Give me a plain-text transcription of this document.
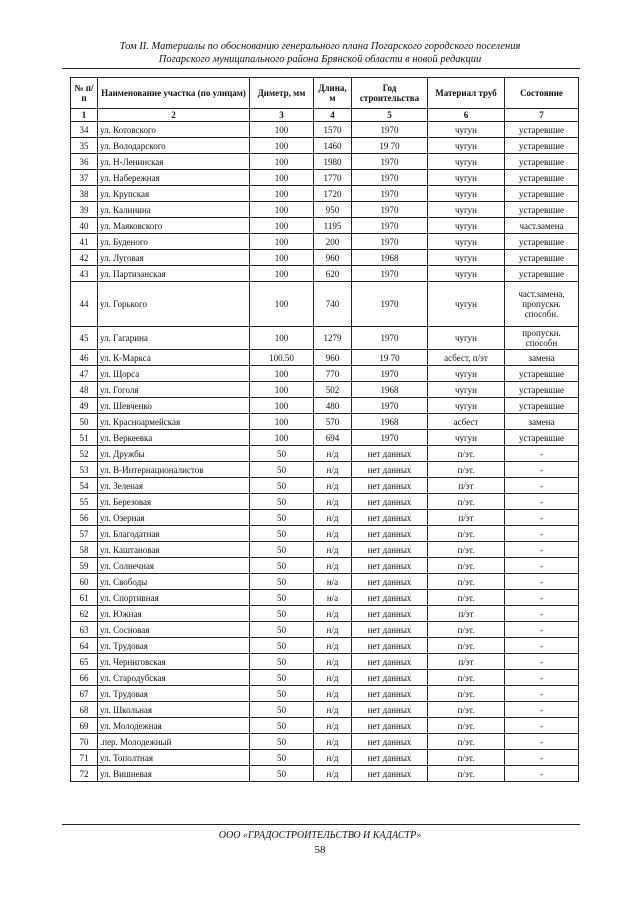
Том II. Материалы по обоснованию генерального плана Погарского городского поселения
Погарского муниципального района Брянской области в новой редакции
№ п/п	Наименование участка (по улицам)	Диметр, мм	Длина, м	Год строительства	Материал труб	Состояние
1	2	3	4	5	6	7
34	ул. Котовского	100	1570	1970	чугун	устаревшие
35	ул. Володарского	100	1460	19 70	чугун	устаревшие
36	ул. Н-Ленинская	100	1980	1970	чугун	устаревшие
37	ул. Набережная	100	1770	1970	чугун	устаревшие
38	ул. Крупская	100	1720	1970	чугун	устаревшие
39	ул. Калинина	100	950	1970	чугун	устаревшие
40	ул. Маяковского	100	1195	1970	чугун	част.замена
41	ул. Буденого	100	200	1970	чугун	устаревшие
42	ул. Луговая	100	960	1968	чугун	устаревшие
43	ул. Партизанская	100	620	1970	чугун	устаревшие
44	ул. Горького	100	740	1970	чугун	част.замена, пропускн. способн.
45	ул. Гагарина	100	1279	1970	чугун	пропускн. способн
46	ул. К-Маркса	100.50	960	19 70	асбест, п/эт	замена
47	ул. Щорса	100	770	1970	чугун	устаревшие
48	ул. Гоголя	100	502	1968	чугун	устаревшие
49	ул. Шевченко	100	480	1970	чугун	устаревшие
50	ул. Красноармейская	100	570	1968	асбест	замена
51	ул. Веркеевка	100	694	1970	чугун	устаревшие
52	ул. Дружбы	50	н/д	нет данных	п/эт.	-
53	ул. В-Интернационалистов	50	н/д	нет данных	п/эт.	-
54	ул. Зеленая	50	н/д	нет данных	п/эт	-
55	ул. Березовая	50	н/д	нет данных	п/эт.	-
56	ул. Озерная	50	н/д	нет данных	п/эт	-
57	ул. Благодатная	50	н/д	нет данных	п/эт.	-
58	ул. Каштановая	50	н/д	нет данных	п/эт.	-
59	ул. Солнечная	50	н/д	нет данных	п/эт.	-
60	ул. Свободы	50	н/а	нет данных	п/эт.	-
61	ул. Спортивная	50	н/а	нет данных	п/эт.	-
62	ул. Южная	50	н/д	нет данных	п/эт	-
63	ул. Сосновая	50	н/д	нет данных	п/эт.	-
64	ул. Трудовая	50	н/д	нет данных	п/эт.	-
65	ул. Черниговская	50	н/д	нет данных	п/эт	-
66	ул. Стародубская	50	н/д	нет данных	п/эт.	-
67	ул. Трудовая	50	н/д	нет данных	п/эт.	-
68	ул. Школьная	50	н/д	нет данных	п/эт.	-
69	ул. Молодежная	50	н/д	нет данных	п/эт.	-
70	.пер. Молодежный	50	н/д	нет данных	п/эт.	-
71	ул. Тополтная	50	н/д	нет данных	п/эт.	-
72	ул. Вишневая	50	н/д	нет данных	п/эт.	-
ООО «ГРАДОСТРОИТЕЛЬСТВО И КАДАСТР»
58
